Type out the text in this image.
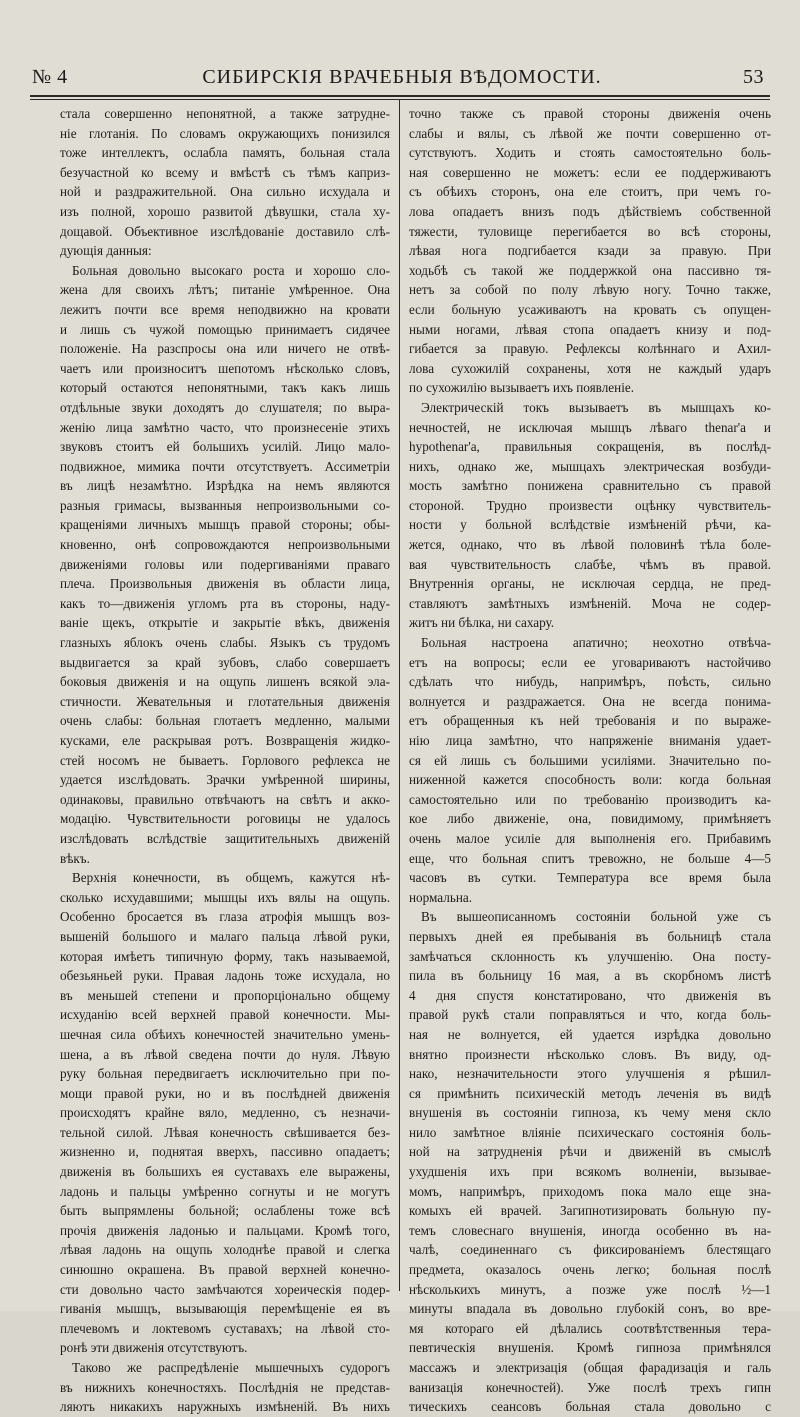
№ 4	СИБИРСКІЯ ВРАЧЕБНЫЯ ВѢДОМОСТИ.	53
стала совершенно непонятной, а также затрудне-
ніе глотанія. По словамъ окружающихъ понизился
тоже интеллектъ, ослабла память, больная стала
безучастной ко всему и вмѣстѣ съ тѣмъ каприз-
ной и раздражительной. Она сильно исхудала и
изъ полной, хорошо развитой дѣвушки, стала ху-
дощавой. Объективное изслѣдованіе доставило слѣ-
дующія данныя:
Больная довольно высокаго роста и хорошо сло-
жена для своихъ лѣтъ; питаніе умѣренное. Она
лежитъ почти все время неподвижно на кровати
и лишь съ чужой помощью принимаетъ сидячее
положеніе. На разспросы она или ничего не отвѣ-
чаетъ или произноситъ шепотомъ нѣсколько словъ,
который остаются непонятными, такъ какъ лишь
отдѣльные звуки доходятъ до слушателя; по выра-
женію лица замѣтно часто, что произнесеніе этихъ
звуковъ стоитъ ей большихъ усилій. Лицо мало-
подвижное, мимика почти отсутствуетъ. Ассиметріи
въ лицѣ незамѣтно. Изрѣдка на немъ являются
разныя гримасы, вызванныя непроизвольными со-
кращеніями личныхъ мышцъ правой стороны; обы-
кновенно, онѣ сопровождаются непроизвольными
движеніями головы или подергиваніями праваго
плеча. Произвольныя движенія въ области лица,
какъ то—движенія угломъ рта въ стороны, наду-
ваніе щекъ, открытіе и закрытіе вѣкъ, движенія
глазныхъ яблокъ очень слабы. Языкъ съ трудомъ
выдвигается за край зубовъ, слабо совершаетъ
боковыя движенія и на ощупь лишенъ всякой эла-
стичности. Жевательныя и глотательныя движенія
очень слабы: больная глотаетъ медленно, малыми
кусками, еле раскрывая ротъ. Возвращенія жидко-
стей носомъ не бываетъ. Горлового рефлекса не
удается изслѣдовать. Зрачки умѣренной ширины,
одинаковы, правильно отвѣчаютъ на свѣтъ и акко-
модацію. Чувствительности роговицы не удалось
изслѣдовать вслѣдствіе защитительныхъ движеній
вѣкъ.
Верхнія конечности, въ общемъ, кажутся нѣ-
сколько исхудавшими; мышцы ихъ вялы на ощупь.
Особенно бросается въ глаза атрофія мышцъ воз-
вышеній большого и малаго пальца лѣвой руки,
которая имѣетъ типичную форму, такъ называемой,
обезьяньей руки. Правая ладонь тоже исхудала, но
въ меньшей степени и пропорціонально общему
исхуданію всей верхней правой конечности. Мы-
шечная сила обѣихъ конечностей значительно умень-
шена, а въ лѣвой сведена почти до нуля. Лѣвую
руку больная передвигаетъ исключительно при по-
мощи правой руки, но и въ послѣдней движенія
происходятъ крайне вяло, медленно, съ незначи-
тельной силой. Лѣвая конечность свѣшивается без-
жизненно и, поднятая вверхъ, пассивно опадаетъ;
движенія въ большихъ ея суставахъ еле выражены,
ладонь и пальцы умѣренно согнуты и не могутъ
быть выпрямлены больной; ослаблены тоже всѣ
прочія движенія ладонью и пальцами. Кромѣ того,
лѣвая ладонь на ощупь холоднѣе правой и слегка
синюшно окрашена. Въ правой верхней конечно-
сти довольно часто замѣчаются хореическія подер-
гиванія мышцъ, вызывающія перемѣщеніе ея въ
плечевомъ и локтевомъ суставахъ; на лѣвой сто-
ронѣ эти движенія отсутствуютъ.
Таково же распредѣленіе мышечныхъ судорогъ
въ нижнихъ конечностяхъ. Послѣднія не представ-
ляютъ никакихъ наружныхъ измѣненій. Въ нихъ
точно также съ правой стороны движенія очень
слабы и вялы, съ лѣвой же почти совершенно от-
сутствуютъ. Ходить и стоять самостоятельно боль-
ная совершенно не можетъ: если ее поддерживаютъ
съ обѣихъ сторонъ, она еле стоитъ, при чемъ го-
лова опадаетъ внизъ подъ дѣйствіемъ собственной
тяжести, туловище перегибается во всѣ стороны,
лѣвая нога подгибается кзади за правую. При
ходьбѣ съ такой же поддержкой она пассивно тя-
нетъ за собой по полу лѣвую ногу. Точно также,
если больную усаживаютъ на кровать съ опущен-
ными ногами, лѣвая стопа опадаетъ книзу и под-
гибается за правую. Рефлексы колѣннаго и Ахил-
лова сухожилій сохранены, хотя не каждый ударъ
по сухожилію вызываетъ ихъ появленіе.
Электрическій токъ вызываетъ въ мышцахъ ко-
нечностей, не исключая мышцъ лѣваго thenar'а и
hypothenar'а, правильныя сокращенія, въ послѣд-
нихъ, однако же, мышцахъ электрическая возбуди-
мость замѣтно понижена сравнительно съ правой
стороной. Трудно произвести оцѣнку чувствитель-
ности у больной вслѣдствіе измѣненій рѣчи, ка-
жется, однако, что въ лѣвой половинѣ тѣла боле-
вая чувствительность слабѣе, чѣмъ въ правой.
Внутреннія органы, не исключая сердца, не пред-
ставляютъ замѣтныхъ измѣненій. Моча не содер-
житъ ни бѣлка, ни сахару.
Больная настроена апатично; неохотно отвѣча-
етъ на вопросы; если ее уговариваютъ настойчиво
сдѣлать что нибудь, напримѣръ, поѣсть, сильно
волнуется и раздражается. Она не всегда понима-
етъ обращенныя къ ней требованія и по выраже-
нію лица замѣтно, что напряженіе вниманія удает-
ся ей лишь съ большими усиліями. Значительно по-
ниженной кажется способность воли: когда больная
самостоятельно или по требованію производитъ ка-
кое либо движеніе, она, повидимому, примѣняетъ
очень малое усиліе для выполненія его. Прибавимъ
еще, что больная спитъ тревожно, не больше 4—5
часовъ въ сутки. Температура все время была
нормальна.
Въ вышеописанномъ состояніи больной уже съ
первыхъ дней ея пребыванія въ больницѣ стала
замѣчаться склонность къ улучшенію. Она посту-
пила въ больницу 16 мая, а въ скорбномъ листѣ
4 дня спустя констатировано, что движенія въ
правой рукѣ стали поправляться и что, когда боль-
ная не волнуется, ей удается изрѣдка довольно
внятно произнести нѣсколько словъ. Въ виду, од-
нако, незначительности этого улучшенія я рѣшил-
ся примѣнить психическій методъ леченія въ видѣ
внушенія въ состояніи гипноза, къ чему меня скло
нило замѣтное вліяніе психическаго состоянія боль-
ной на затрудненія рѣчи и движеній въ смыслѣ
ухудшенія ихъ при всякомъ волненіи, вызывае-
момъ, напримѣръ, приходомъ пока мало еще зна-
комыхъ ей врачей. Загипнотизировать больную пу-
темъ словеснаго внушенія, иногда особенно въ на-
чалѣ, соединеннаго съ фиксированіемъ блестящаго
предмета, оказалось очень легко; больная послѣ
нѣсколькихъ минутъ, а позже уже послѣ ½—1
минуты впадала въ довольно глубокій сонъ, во вре-
мя котораго ей дѣлались соотвѣтственныя тера-
певтическія внушенія. Кромѣ гипноза примѣнялся
массажъ и электризація (общая фарадизація и галь
ванизація конечностей). Уже послѣ трехъ гипн
тическихъ сеансовъ больная стала довольно с
